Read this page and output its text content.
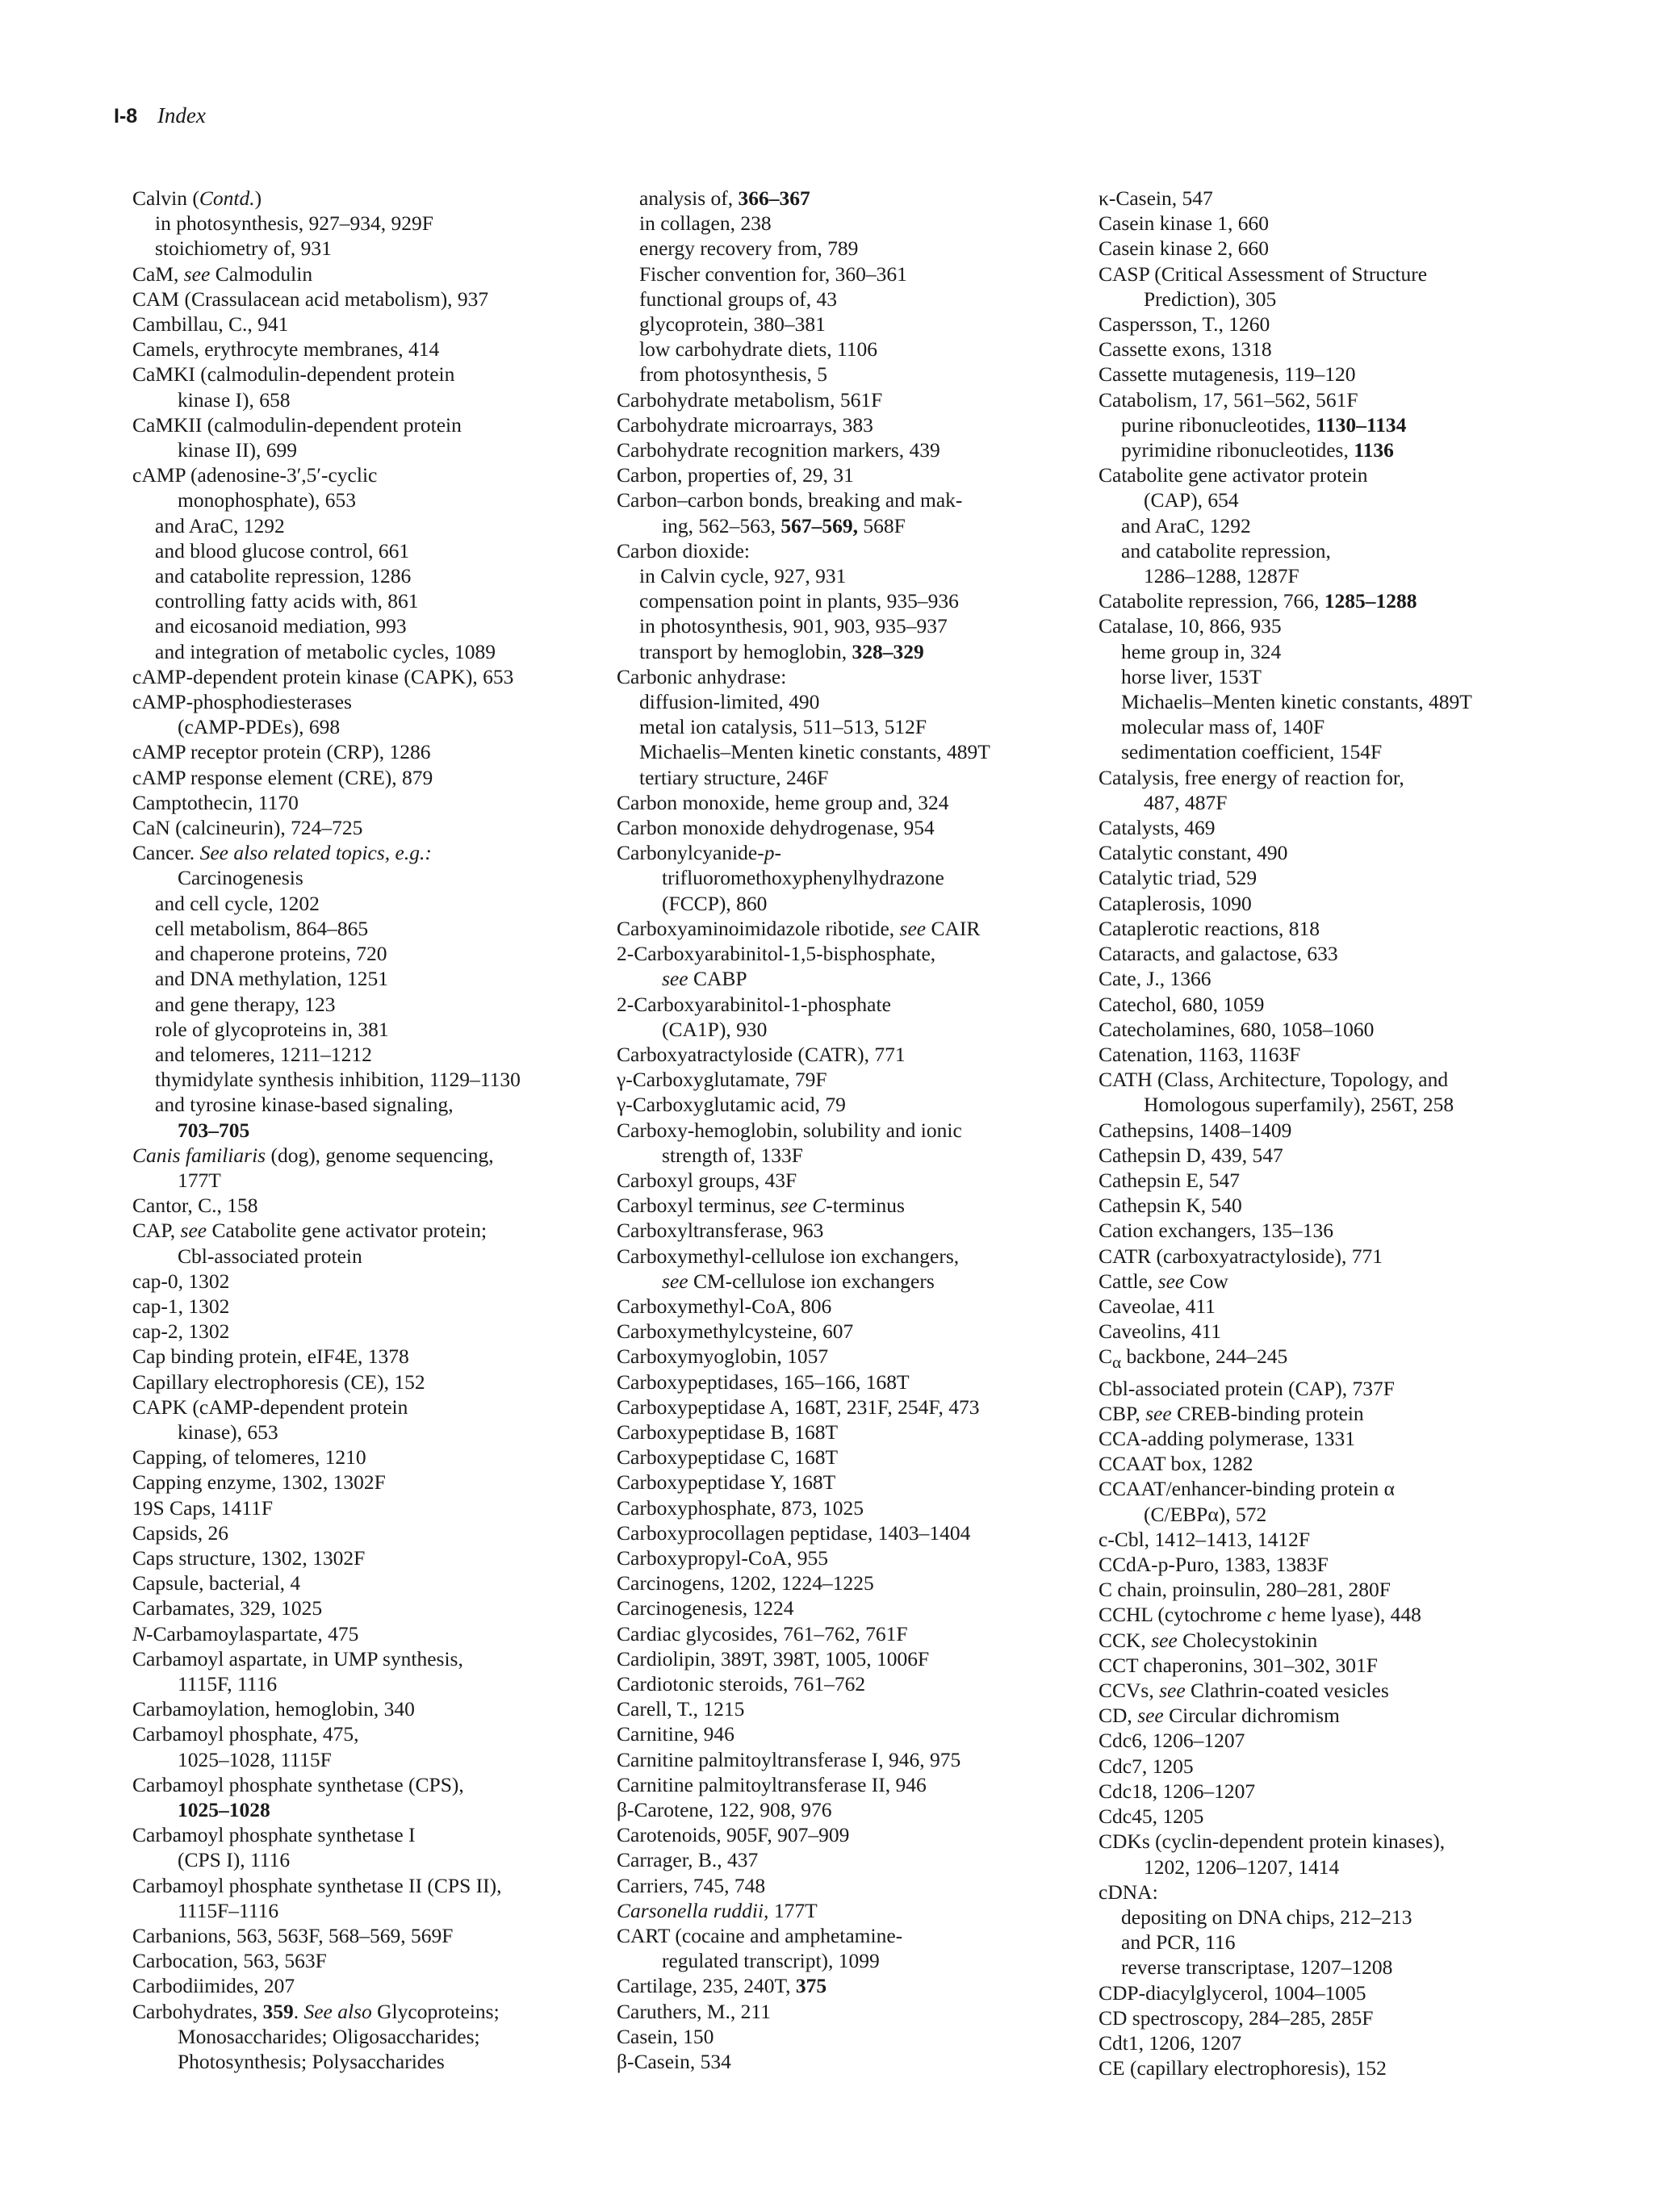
I-8 Index
Calvin (Contd.)
in photosynthesis, 927–934, 929F
stoichiometry of, 931
CaM, see Calmodulin
CAM (Crassulacean acid metabolism), 937
Cambillau, C., 941
Camels, erythrocyte membranes, 414
CaMKI (calmodulin-dependent protein
kinase I), 658
CaMKII (calmodulin-dependent protein
kinase II), 699
cAMP (adenosine-3′,5′-cyclic
monophosphate), 653
and AraC, 1292
and blood glucose control, 661
and catabolite repression, 1286
controlling fatty acids with, 861
and eicosanoid mediation, 993
and integration of metabolic cycles, 1089
cAMP-dependent protein kinase (CAPK), 653
cAMP-phosphodiesterases
(cAMP-PDEs), 698
cAMP receptor protein (CRP), 1286
cAMP response element (CRE), 879
Camptothecin, 1170
CaN (calcineurin), 724–725
Cancer. See also related topics, e.g.:
Carcinogenesis
and cell cycle, 1202
cell metabolism, 864–865
and chaperone proteins, 720
and DNA methylation, 1251
and gene therapy, 123
role of glycoproteins in, 381
and telomeres, 1211–1212
thymidylate synthesis inhibition, 1129–1130
and tyrosine kinase-based signaling,
703–705
Canis familiaris (dog), genome sequencing,
177T
Cantor, C., 158
CAP, see Catabolite gene activator protein;
Cbl-associated protein
cap-0, 1302
cap-1, 1302
cap-2, 1302
Cap binding protein, eIF4E, 1378
Capillary electrophoresis (CE), 152
CAPK (cAMP-dependent protein
kinase), 653
Capping, of telomeres, 1210
Capping enzyme, 1302, 1302F
19S Caps, 1411F
Capsids, 26
Caps structure, 1302, 1302F
Capsule, bacterial, 4
Carbamates, 329, 1025
N-Carbamoylaspartate, 475
Carbamoyl aspartate, in UMP synthesis,
1115F, 1116
Carbamoylation, hemoglobin, 340
Carbamoyl phosphate, 475,
1025–1028, 1115F
Carbamoyl phosphate synthetase (CPS),
1025–1028
Carbamoyl phosphate synthetase I
(CPS I), 1116
Carbamoyl phosphate synthetase II (CPS II),
1115F–1116
Carbanions, 563, 563F, 568–569, 569F
Carbocation, 563, 563F
Carbodiimides, 207
Carbohydrates, 359. See also Glycoproteins;
Monosaccharides; Oligosaccharides;
Photosynthesis; Polysaccharides
analysis of, 366–367
in collagen, 238
energy recovery from, 789
Fischer convention for, 360–361
functional groups of, 43
glycoprotein, 380–381
low carbohydrate diets, 1106
from photosynthesis, 5
Carbohydrate metabolism, 561F
Carbohydrate microarrays, 383
Carbohydrate recognition markers, 439
Carbon, properties of, 29, 31
Carbon–carbon bonds, breaking and mak-
ing, 562–563, 567–569, 568F
Carbon dioxide:
in Calvin cycle, 927, 931
compensation point in plants, 935–936
in photosynthesis, 901, 903, 935–937
transport by hemoglobin, 328–329
Carbonic anhydrase:
diffusion-limited, 490
metal ion catalysis, 511–513, 512F
Michaelis–Menten kinetic constants, 489T
tertiary structure, 246F
Carbon monoxide, heme group and, 324
Carbon monoxide dehydrogenase, 954
Carbonylcyanide-p-
trifluoromethoxyphenylhydrazone
(FCCP), 860
Carboxyaminoimidazole ribotide, see CAIR
2-Carboxyarabinitol-1,5-bisphosphate,
see CABP
2-Carboxyarabinitol-1-phosphate
(CA1P), 930
Carboxyatractyloside (CATR), 771
γ-Carboxyglutamate, 79F
γ-Carboxyglutamic acid, 79
Carboxy-hemoglobin, solubility and ionic
strength of, 133F
Carboxyl groups, 43F
Carboxyl terminus, see C-terminus
Carboxyltransferase, 963
Carboxymethyl-cellulose ion exchangers,
see CM-cellulose ion exchangers
Carboxymethyl-CoA, 806
Carboxymethylcysteine, 607
Carboxymyoglobin, 1057
Carboxypeptidases, 165–166, 168T
Carboxypeptidase A, 168T, 231F, 254F, 473
Carboxypeptidase B, 168T
Carboxypeptidase C, 168T
Carboxypeptidase Y, 168T
Carboxyphosphate, 873, 1025
Carboxyprocollagen peptidase, 1403–1404
Carboxypropyl-CoA, 955
Carcinogens, 1202, 1224–1225
Carcinogenesis, 1224
Cardiac glycosides, 761–762, 761F
Cardiolipin, 389T, 398T, 1005, 1006F
Cardiotonic steroids, 761–762
Carell, T., 1215
Carnitine, 946
Carnitine palmitoyltransferase I, 946, 975
Carnitine palmitoyltransferase II, 946
β-Carotene, 122, 908, 976
Carotenoids, 905F, 907–909
Carrager, B., 437
Carriers, 745, 748
Carsonella ruddii, 177T
CART (cocaine and amphetamine-
regulated transcript), 1099
Cartilage, 235, 240T, 375
Caruthers, M., 211
Casein, 150
β-Casein, 534
κ-Casein, 547
Casein kinase 1, 660
Casein kinase 2, 660
CASP (Critical Assessment of Structure
Prediction), 305
Caspersson, T., 1260
Cassette exons, 1318
Cassette mutagenesis, 119–120
Catabolism, 17, 561–562, 561F
purine ribonucleotides, 1130–1134
pyrimidine ribonucleotides, 1136
Catabolite gene activator protein
(CAP), 654
and AraC, 1292
and catabolite repression,
1286–1288, 1287F
Catabolite repression, 766, 1285–1288
Catalase, 10, 866, 935
heme group in, 324
horse liver, 153T
Michaelis–Menten kinetic constants, 489T
molecular mass of, 140F
sedimentation coefficient, 154F
Catalysis, free energy of reaction for,
487, 487F
Catalysts, 469
Catalytic constant, 490
Catalytic triad, 529
Cataplerosis, 1090
Cataplerotic reactions, 818
Cataracts, and galactose, 633
Cate, J., 1366
Catechol, 680, 1059
Catecholamines, 680, 1058–1060
Catenation, 1163, 1163F
CATH (Class, Architecture, Topology, and
Homologous superfamily), 256T, 258
Cathepsins, 1408–1409
Cathepsin D, 439, 547
Cathepsin E, 547
Cathepsin K, 540
Cation exchangers, 135–136
CATR (carboxyatractyloside), 771
Cattle, see Cow
Caveolae, 411
Caveolins, 411
$C_\alpha$ backbone, 244–245
Cbl-associated protein (CAP), 737F
CBP, see CREB-binding protein
CCA-adding polymerase, 1331
CCAAT box, 1282
CCAAT/enhancer-binding protein α
(C/EBPα), 572
c-Cbl, 1412–1413, 1412F
CCdA-p-Puro, 1383, 1383F
C chain, proinsulin, 280–281, 280F
CCHL (cytochrome c heme lyase), 448
CCK, see Cholecystokinin
CCT chaperonins, 301–302, 301F
CCVs, see Clathrin-coated vesicles
CD, see Circular dichromism
Cdc6, 1206–1207
Cdc7, 1205
Cdc18, 1206–1207
Cdc45, 1205
CDKs (cyclin-dependent protein kinases),
1202, 1206–1207, 1414
cDNA:
depositing on DNA chips, 212–213
and PCR, 116
reverse transcriptase, 1207–1208
CDP-diacylglycerol, 1004–1005
CD spectroscopy, 284–285, 285F
Cdt1, 1206, 1207
CE (capillary electrophoresis), 152
